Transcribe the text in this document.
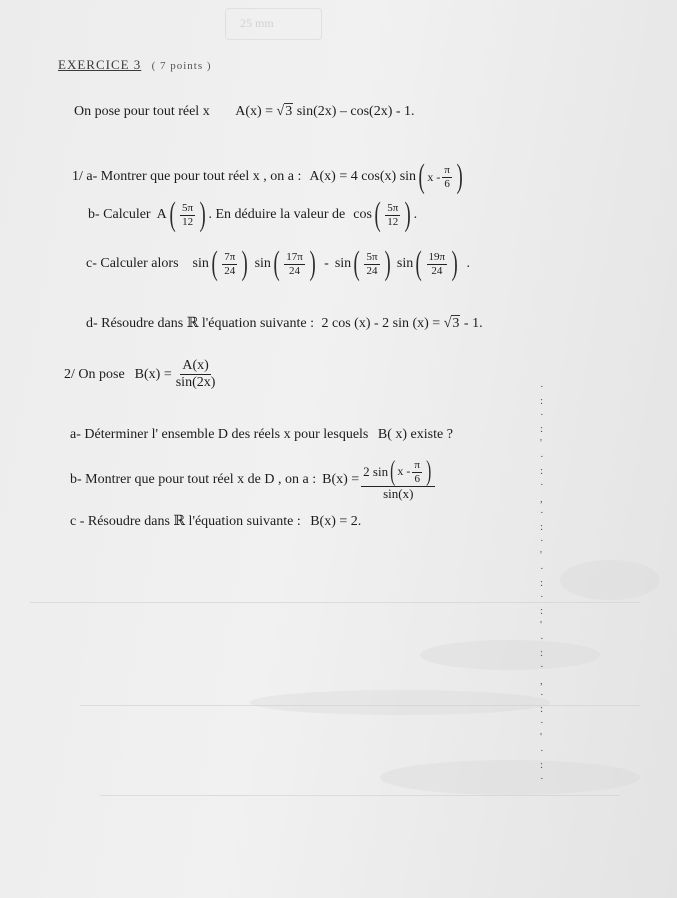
25 mm
·
:
·
:
'
·
:
·
,
·
:
·
'
·
:
·
:
'
·
:
·
,
·
:
·
'
·
:
·
EXERCICE 3 ( 7 points )
On pose pour tout réel x A(x) = √3 sin(2x) – cos(2x) - 1.
1/ a- Montrer que pour tout réel x , on a : A(x) = 4 cos(x) sin ( x - $\frac{\pi}{6}$ )
b- Calculer A ( $\frac{5\pi}{12}$ ) . En déduire la valeur de cos ( $\frac{5\pi}{12}$ ) .
c- Calculer alors sin ( $\frac{7\pi}{24}$ ) sin ( $\frac{17\pi}{24}$ ) - sin ( $\frac{5\pi}{24}$ ) sin ( $\frac{19\pi}{24}$ ) .
d- Résoudre dans ℝ l'équation suivante : 2 cos (x) - 2 sin (x) = √3 - 1.
2/ On pose $B(x) = \frac{A(x)}{\sin(2x)}$
a- Déterminer l' ensemble D des réels x pour lesquels B( x) existe ?
b- Montrer que pour tout réel x de D , on a : B(x) =
2 sin ( x - $\frac{\pi}{6}$ )
sin(x)
c - Résoudre dans ℝ l'équation suivante : B(x) = 2.
